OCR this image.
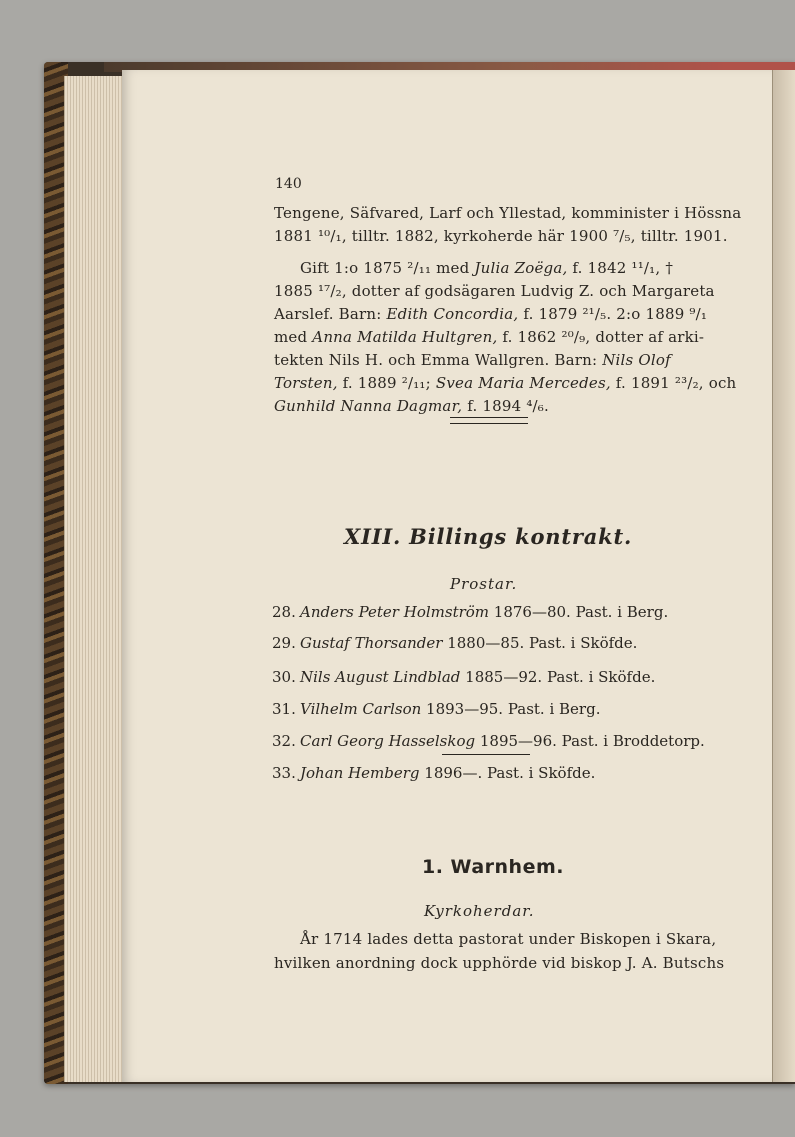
140
Tengene, Säfvared, Larf och Yllestad, komminister i Hössna
1881 ¹⁰/₁, tilltr. 1882, kyrkoherde här 1900 ⁷/₅, tilltr. 1901.
Gift 1:o 1875 ²/₁₁ med Julia Zoëga, f. 1842 ¹¹/₁, †
1885 ¹⁷/₂, dotter af godsägaren Ludvig Z. och Margareta
Aarslef. Barn: Edith Concordia, f. 1879 ²¹/₅. 2:o 1889 ⁹/₁
med Anna Matilda Hultgren, f. 1862 ²⁰/₉, dotter af arki-
tekten Nils H. och Emma Wallgren. Barn: Nils Olof
Torsten, f. 1889 ²/₁₁; Svea Maria Mercedes, f. 1891 ²³/₂, och
Gunhild Nanna Dagmar, f. 1894 ⁴/₆.
XIII. Billings kontrakt.
Prostar.
28. Anders Peter Holmström 1876—80. Past. i Berg.
29. Gustaf Thorsander 1880—85. Past. i Sköfde.
30. Nils August Lindblad 1885—92. Past. i Sköfde.
31. Vilhelm Carlson 1893—95. Past. i Berg.
32. Carl Georg Hasselskog 1895—96. Past. i Broddetorp.
33. Johan Hemberg 1896—. Past. i Sköfde.
1. Warnhem.
Kyrkoherdar.
År 1714 lades detta pastorat under Biskopen i Skara,
hvilken anordning dock upphörde vid biskop J. A. Butschs
